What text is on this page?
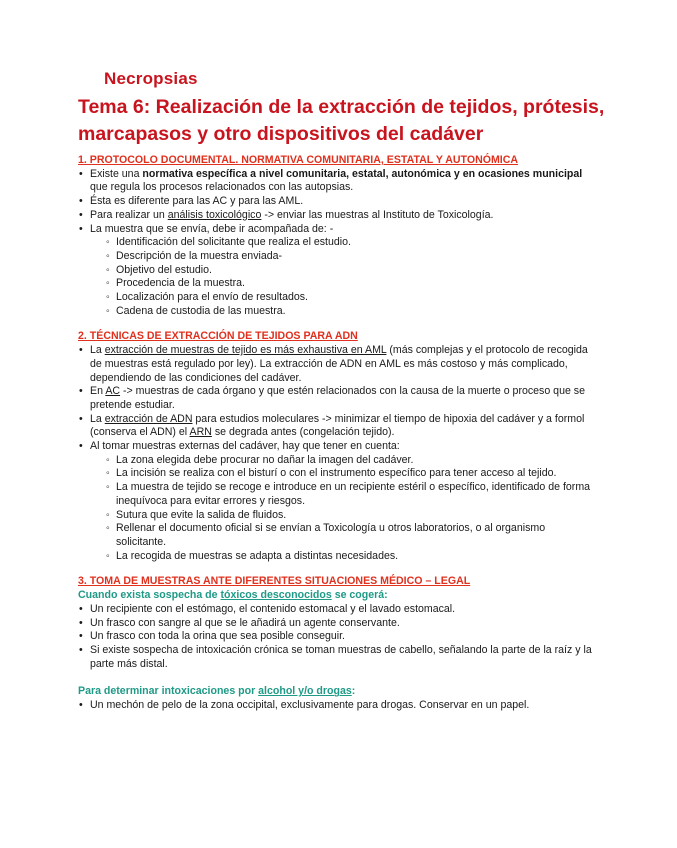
Necropsias
Tema 6: Realización de la extracción de tejidos, prótesis, marcapasos y otro dispositivos del cadáver

1. PROTOCOLO DOCUMENTAL. NORMATIVA COMUNITARIA, ESTATAL Y AUTONÓMICA

• Existe una normativa específica a nivel comunitaria, estatal, autonómica y en ocasiones municipal que regula los procesos relacionados con las autopsias.
• Ésta es diferente para las AC y para las AML.
• Para realizar un análisis toxicológico -> enviar las muestras al Instituto de Toxicología.
• La muestra que se envía, debe ir acompañada de: -
◦ Identificación del solicitante que realiza el estudio.
◦ Descripción de la muestra enviada-
◦ Objetivo del estudio.
◦ Procedencia de la muestra.
◦ Localización para el envío de resultados.
◦ Cadena de custodia de las muestra.

2. TÉCNICAS DE EXTRACCIÓN DE TEJIDOS PARA ADN

• La extracción de muestras de tejido es más exhaustiva en AML (más complejas y el protocolo de recogida de muestras está regulado por ley). La extracción de ADN en AML es más costoso y más complicado, dependiendo de las condiciones del cadáver.
• En AC -> muestras de cada órgano y que estén relacionados con la causa de la muerte o proceso que se pretende estudiar.
• La extracción de ADN para estudios moleculares -> minimizar el tiempo de hipoxia del cadáver y a formol (conserva el ADN) el ARN se degrada antes (congelación tejido).
• Al tomar muestras externas del cadáver, hay que tener en cuenta:
◦ La zona elegida debe procurar no dañar la imagen del cadáver.
◦ La incisión se realiza con el bisturí o con el instrumento específico para tener acceso al tejido.
◦ La muestra de tejido se recoge e introduce en un recipiente estéril o específico, identificado de forma inequívoca para evitar errores y riesgos.
◦ Sutura que evite la salida de fluidos.
◦ Rellenar el documento oficial si se envían a Toxicología u otros laboratorios, o al organismo solicitante.
◦ La recogida de muestras se adapta a distintas necesidades.

3. TOMA DE MUESTRAS ANTE DIFERENTES SITUACIONES MÉDICO – LEGAL

Cuando exista sospecha de tóxicos desconocidos se cogerá:

• Un recipiente con el estómago, el contenido estomacal y el lavado estomacal.
• Un frasco con sangre al que se le añadirá un agente conservante.
• Un frasco con toda la orina que sea posible conseguir.
• Si existe sospecha de intoxicación crónica se toman muestras de cabello, señalando la parte de la raíz y la parte más distal.

Para determinar intoxicaciones por alcohol y/o drogas:

• Un mechón de pelo de la zona occipital, exclusivamente para drogas. Conservar en un papel.
